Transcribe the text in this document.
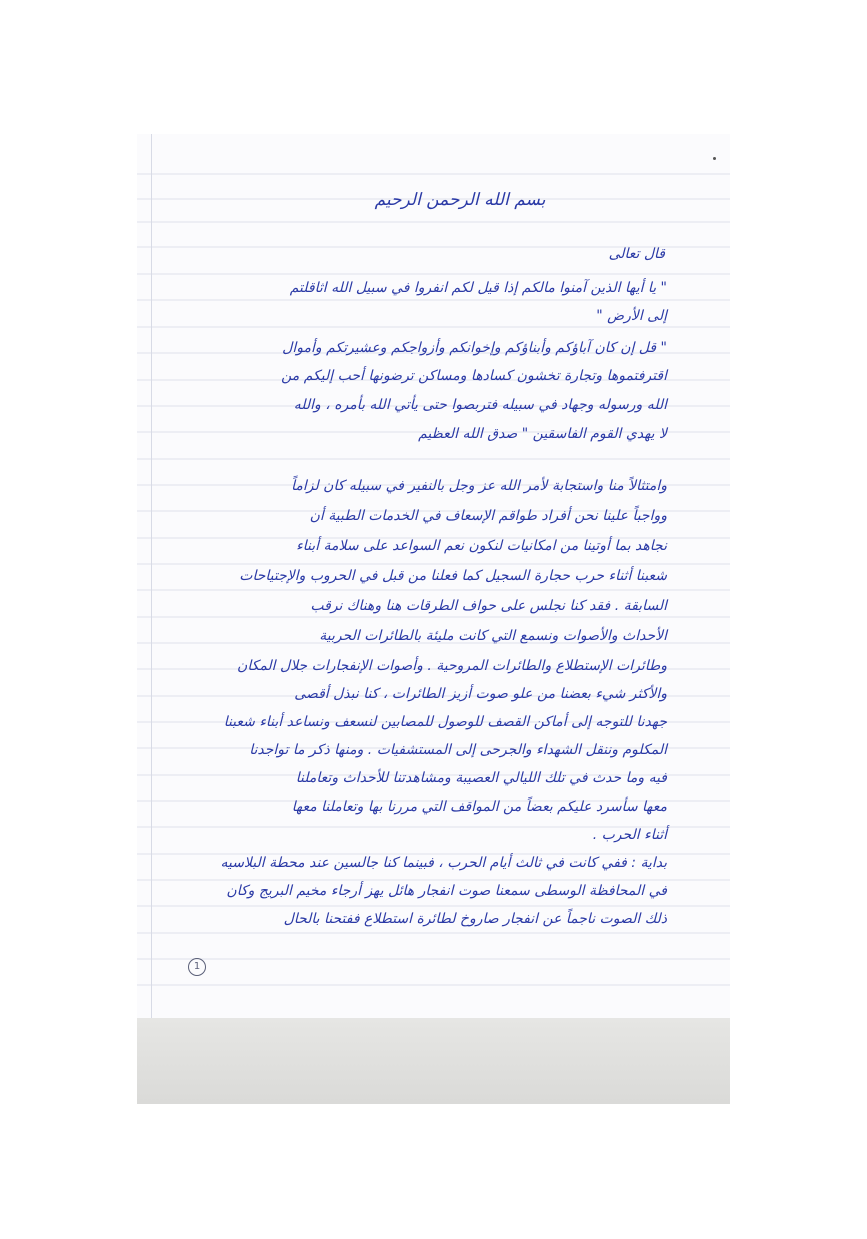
بسم الله الرحمن الرحيم
قال تعالى
" يا أيها الذين آمنوا مالكم إذا قيل لكم انفروا في سبيل الله اثاقلتم
إلى الأرض "
" قل إن كان آباؤكم وأبناؤكم وإخوانكم وأزواجكم وعشيرتكم وأموال
اقترفتموها وتجارة تخشون كسادها ومساكن ترضونها أحب إليكم من
الله ورسوله وجهاد في سبيله فتربصوا حتى يأتي الله بأمره ، والله
لا يهدي القوم الفاسقين " صدق الله العظيم
وامتثالاً منا واستجابة لأمر الله عز وجل بالنفير في سبيله كان لزاماً
وواجباً علينا نحن أفراد طواقم الإسعاف في الخدمات الطبية أن
نجاهد بما أوتينا من امكانيات لنكون نعم السواعد على سلامة أبناء
شعبنا أثناء حرب حجارة السجيل كما فعلنا من قبل في الحروب والإجتياحات
السابقة . فقد كنا نجلس على حواف الطرقات هنا وهناك نرقب
الأحداث والأصوات ونسمع التي كانت مليئة بالطائرات الحربية
وطائرات الإستطلاع والطائرات المروحية . وأصوات الإنفجارات جلال المكان
والأكثر شيء بعضنا من علو صوت أزيز الطائرات ، كنا نبذل أقصى
جهدنا للتوجه إلى أماكن القصف للوصول للمصابين لنسعف ونساعد أبناء شعبنا
المكلوم وننقل الشهداء والجرحى إلى المستشفيات . ومنها ذكر ما تواجدنا
فيه وما حدث في تلك الليالي العصيبة ومشاهدتنا للأحداث وتعاملنا
معها سأسرد عليكم بعضاً من المواقف التي مررنا بها وتعاملنا معها
أثناء الحرب .
بداية : ففي كانت في ثالث أيام الحرب ، فبينما كنا جالسين عند محطة البلاسيه
في المحافظة الوسطى سمعنا صوت انفجار هائل يهز أرجاء مخيم البريج وكان
ذلك الصوت ناجماً عن انفجار صاروخ لطائرة استطلاع ففتحنا بالحال
1
